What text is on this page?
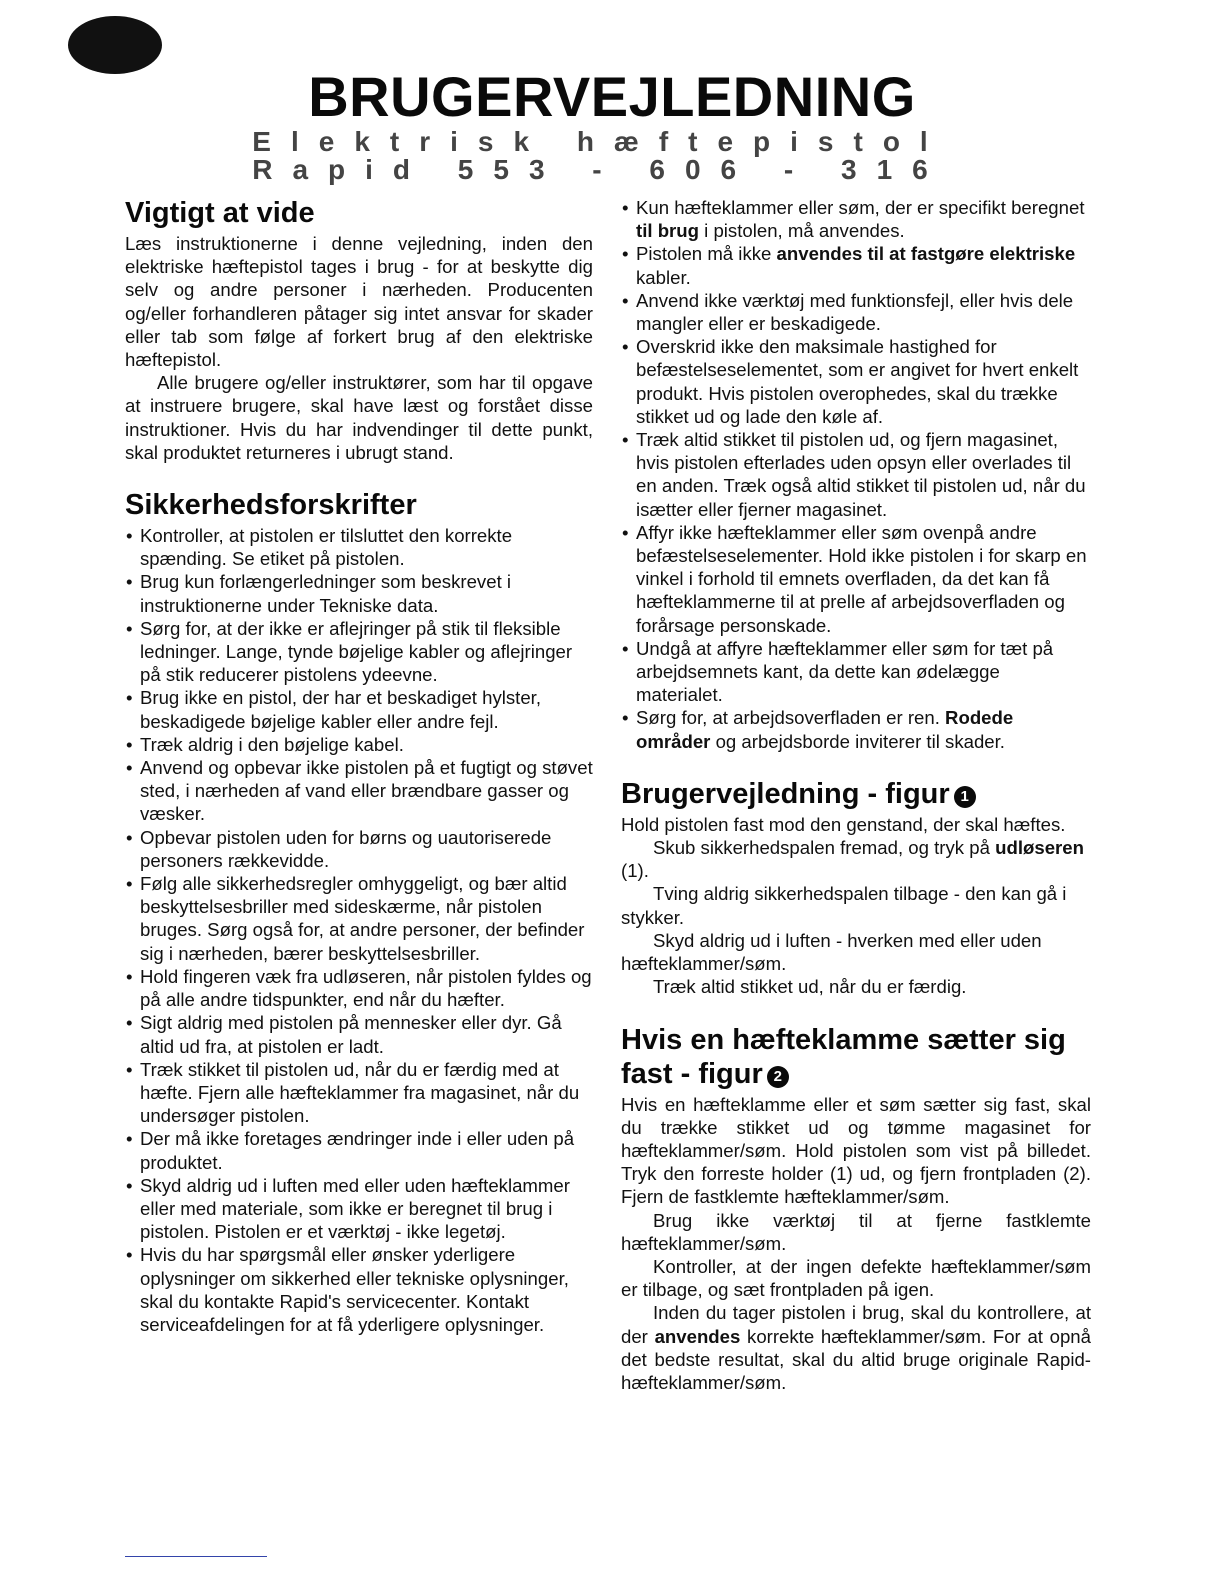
BRUGERVEJLEDNING
Elektrisk hæftepistol Rapid 553 - 606 - 316
Vigtigt at vide

Læs instruktionerne i denne vejledning, inden den elektriske hæftepistol tages i brug - for at beskytte dig selv og andre personer i nærheden. Producenten og/eller forhandleren påtager sig intet ansvar for skader eller tab som følge af forkert brug af den elektriske hæftepistol.

Alle brugere og/eller instruktører, som har til opgave at instruere brugere, skal have læst og forstået disse instruktioner. Hvis du har indvendinger til dette punkt, skal produktet returneres i ubrugt stand.

Sikkerhedsforskrifter
• Kontroller, at pistolen er tilsluttet den korrekte spænding. Se etiket på pistolen.
• Brug kun forlængerledninger som beskrevet i instruktionerne under Tekniske data.
• Sørg for, at der ikke er aflejringer på stik til fleksible ledninger. Lange, tynde bøjelige kabler og aflejringer på stik reducerer pistolens ydeevne.
• Brug ikke en pistol, der har et beskadiget hylster, beskadigede bøjelige kabler eller andre fejl.
• Træk aldrig i den bøjelige kabel.
• Anvend og opbevar ikke pistolen på et fugtigt og støvet sted, i nærheden af vand eller brændbare gasser og væsker.
• Opbevar pistolen uden for børns og uautoriserede personers rækkevidde.
• Følg alle sikkerhedsregler omhyggeligt, og bær altid beskyttelsesbriller med sideskærme, når pistolen bruges. Sørg også for, at andre personer, der befinder sig i nærheden, bærer beskyttelsesbriller.
• Hold fingeren væk fra udløseren, når pistolen fyldes og på alle andre tidspunkter, end når du hæfter.
• Sigt aldrig med pistolen på mennesker eller dyr. Gå altid ud fra, at pistolen er ladt.
• Træk stikket til pistolen ud, når du er færdig med at hæfte. Fjern alle hæfteklammer fra magasinet, når du undersøger pistolen.
• Der må ikke foretages ændringer inde i eller uden på produktet.
• Skyd aldrig ud i luften med eller uden hæfteklammer eller med materiale, som ikke er beregnet til brug i pistolen. Pistolen er et værktøj - ikke legetøj.
• Hvis du har spørgsmål eller ønsker yderligere oplysninger om sikkerhed eller tekniske oplysninger, skal du kontakte Rapid's servicecenter. Kontakt serviceafdelingen for at få yderligere oplysninger.
• Kun hæfteklammer eller søm, der er specifikt beregnet til brug i pistolen, må anvendes.
• Pistolen må ikke anvendes til at fastgøre elektriske kabler.
• Anvend ikke værktøj med funktionsfejl, eller hvis dele mangler eller er beskadigede.
• Overskrid ikke den maksimale hastighed for befæstelseselementet, som er angivet for hvert enkelt produkt. Hvis pistolen overophedes, skal du trække stikket ud og lade den køle af.
• Træk altid stikket til pistolen ud, og fjern magasinet, hvis pistolen efterlades uden opsyn eller overlades til en anden. Træk også altid stikket til pistolen ud, når du isætter eller fjerner magasinet.
• Affyr ikke hæfteklammer eller søm ovenpå andre befæstelseselementer. Hold ikke pistolen i for skarp en vinkel i forhold til emnets overfladen, da det kan få hæfteklammerne til at prelle af arbejdsoverfladen og forårsage personskade.
• Undgå at affyre hæfteklammer eller søm for tæt på arbejdsemnets kant, da dette kan ødelægge materialet.
• Sørg for, at arbejdsoverfladen er ren. Rodede områder og arbejdsborde inviterer til skader.
Brugervejledning - figur 1

Hold pistolen fast mod den genstand, der skal hæftes.

Skub sikkerhedspalen fremad, og tryk på udløseren (1).

Tving aldrig sikkerhedspalen tilbage - den kan gå i stykker.

Skyd aldrig ud i luften - hverken med eller uden hæfteklammer/søm.

Træk altid stikket ud, når du er færdig.

Hvis en hæfteklamme sætter sig fast - figur 2

Hvis en hæfteklamme eller et søm sætter sig fast, skal du trække stikket ud og tømme magasinet for hæfteklammer/søm. Hold pistolen som vist på billedet. Tryk den forreste holder (1) ud, og fjern frontpladen (2). Fjern de fastklemte hæfteklammer/søm.

Brug ikke værktøj til at fjerne fastklemte hæfteklammer/søm.

Kontroller, at der ingen defekte hæfteklammer/søm er tilbage, og sæt frontpladen på igen.

Inden du tager pistolen i brug, skal du kontrollere, at der anvendes korrekte hæfteklammer/søm. For at opnå det bedste resultat, skal du altid bruge originale Rapid-hæfteklammer/søm.
